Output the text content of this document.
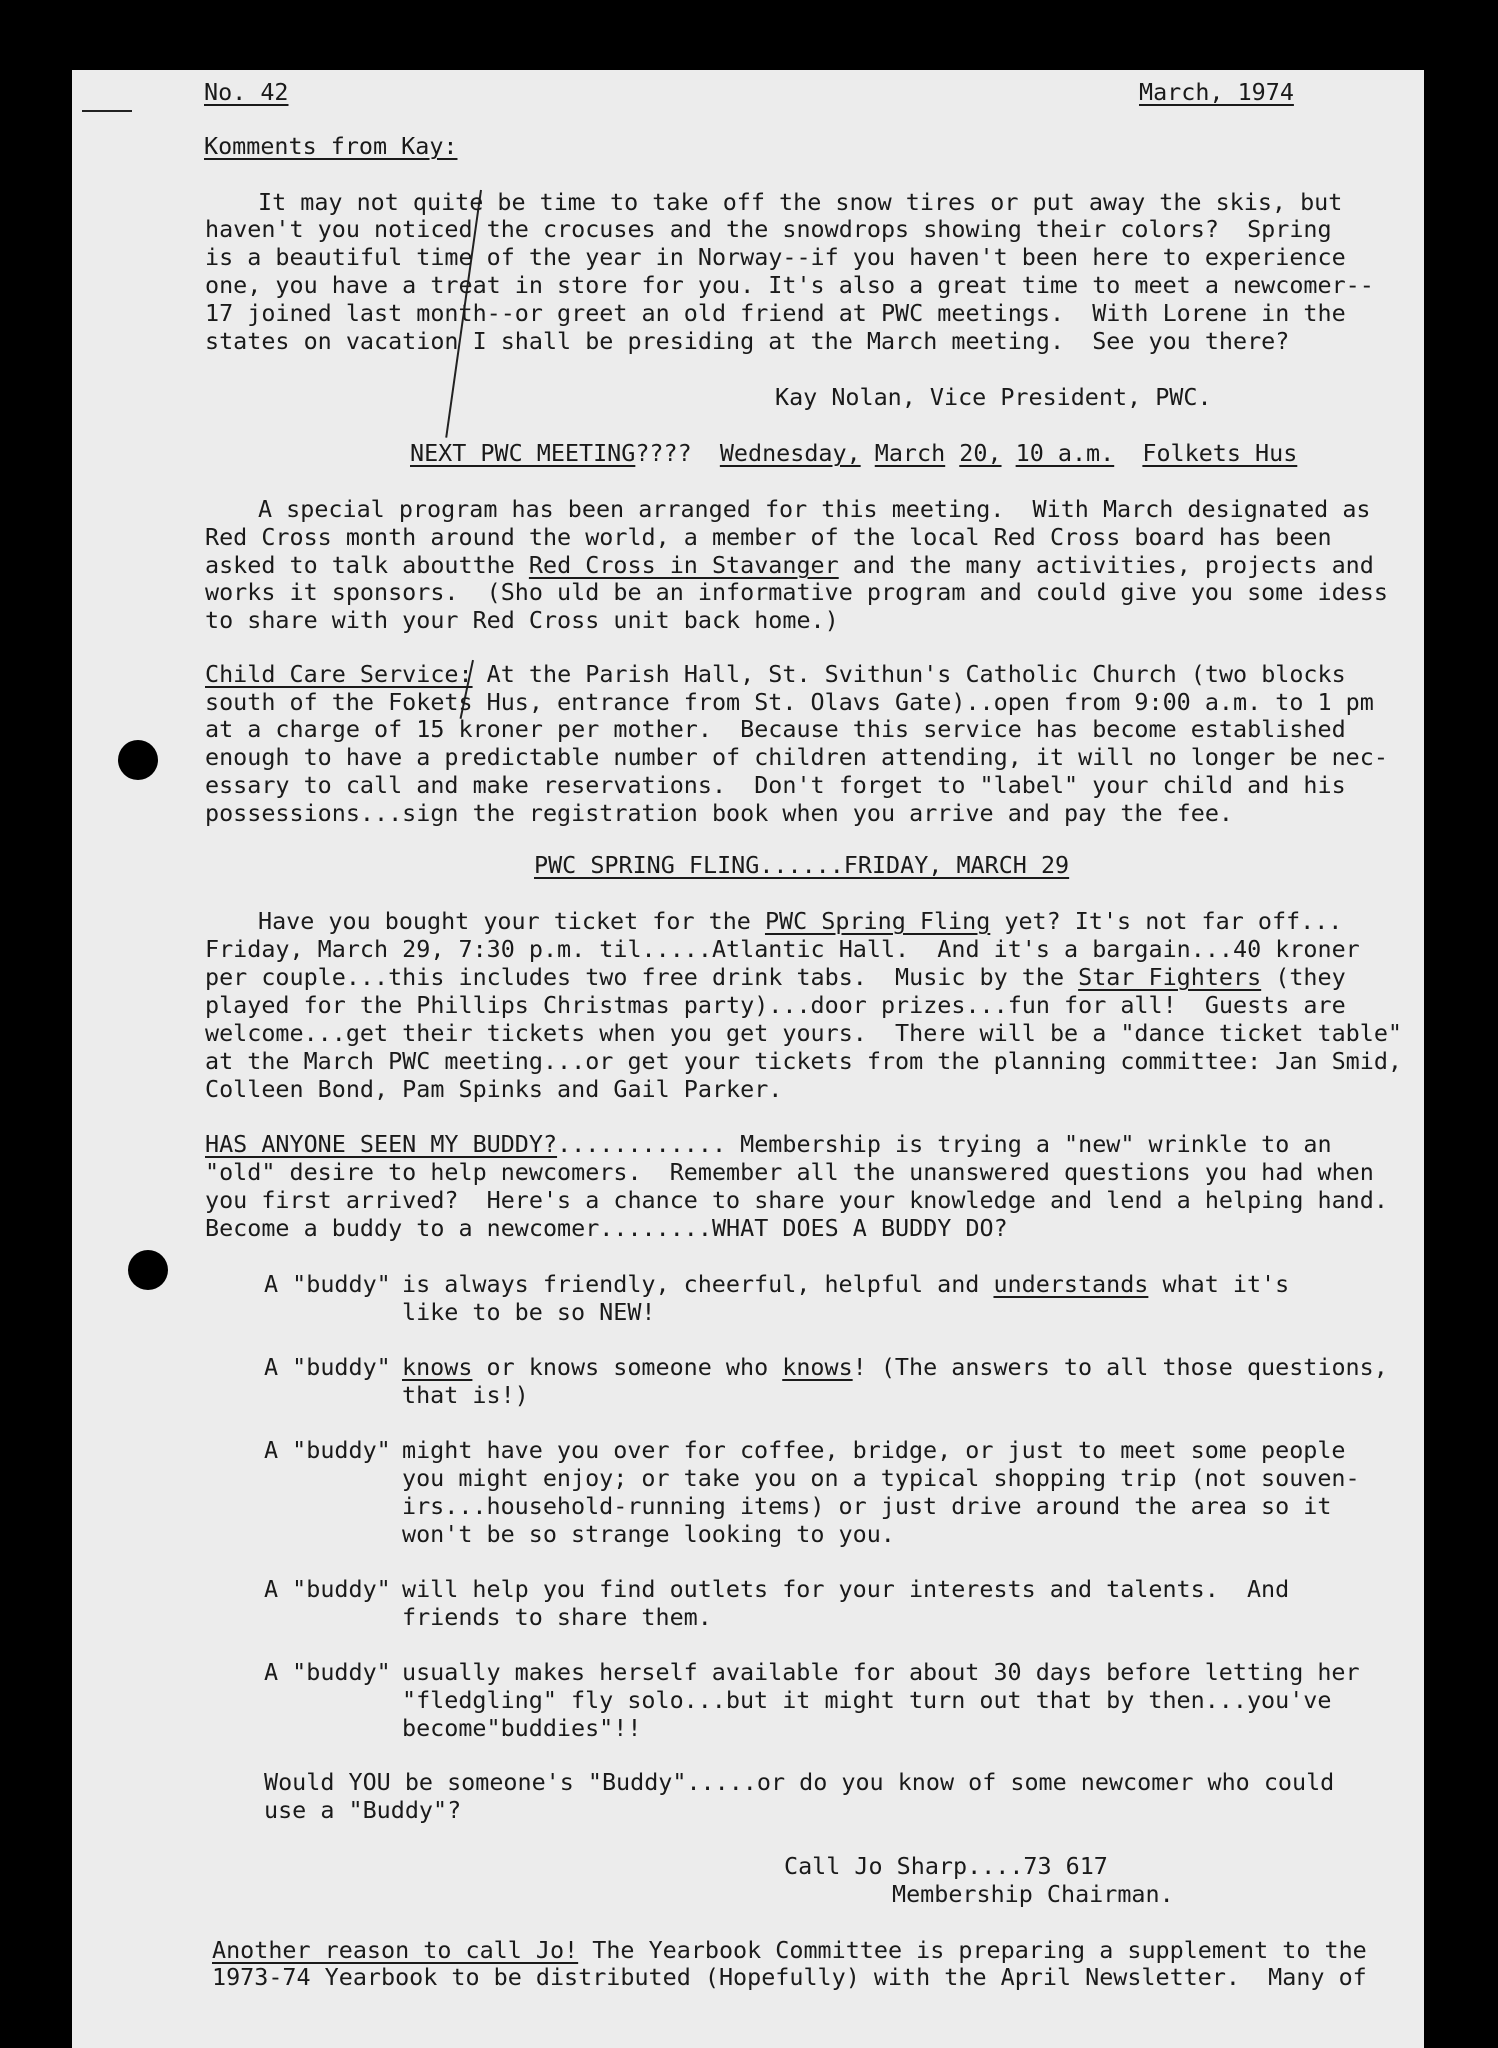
No. 42	March, 1974
Komments from Kay:
It may not quite be time to take off the snow tires or put away the skis, but
haven't you noticed the crocuses and the snowdrops showing their colors?  Spring
is a beautiful time of the year in Norway--if you haven't been here to experience
one, you have a treat in store for you. It's also a great time to meet a newcomer--
17 joined last month--or greet an old friend at PWC meetings.  With Lorene in the
states on vacation I shall be presiding at the March meeting.  See you there?
Kay Nolan, Vice President, PWC.
NEXT PWC MEETING???? Wednesday, March 20, 10 a.m. Folkets Hus
A special program has been arranged for this meeting.  With March designated as
Red Cross month around the world, a member of the local Red Cross board has been
asked to talk aboutthe Red Cross in Stavanger and the many activities, projects and
works it sponsors.  (Sho uld be an informative program and could give you some idess
to share with your Red Cross unit back home.)
Child Care Service: At the Parish Hall, St. Svithun's Catholic Church (two blocks
south of the Fokets Hus, entrance from St. Olavs Gate)..open from 9:00 a.m. to 1 pm
at a charge of 15 kroner per mother.  Because this service has become established
enough to have a predictable number of children attending, it will no longer be nec-
essary to call and make reservations.  Don't forget to "label" your child and his
possessions...sign the registration book when you arrive and pay the fee.
PWC SPRING FLING......FRIDAY, MARCH 29
Have you bought your ticket for the PWC Spring Fling yet? It's not far off...
Friday, March 29, 7:30 p.m. til.....Atlantic Hall.  And it's a bargain...40 kroner
per couple...this includes two free drink tabs.  Music by the Star Fighters (they
played for the Phillips Christmas party)...door prizes...fun for all!  Guests are
welcome...get their tickets when you get yours.  There will be a "dance ticket table"
at the March PWC meeting...or get your tickets from the planning committee: Jan Smid,
Colleen Bond, Pam Spinks and Gail Parker.
HAS ANYONE SEEN MY BUDDY?............ Membership is trying a "new" wrinkle to an
"old" desire to help newcomers.  Remember all the unanswered questions you had when
you first arrived?  Here's a chance to share your knowledge and lend a helping hand.
Become a buddy to a newcomer........WHAT DOES A BUDDY DO?
A "buddy" is always friendly, cheerful, helpful and understands what it's
like to be so NEW!
A "buddy" knows or knows someone who knows! (The answers to all those questions,
that is!)
A "buddy" might have you over for coffee, bridge, or just to meet some people
you might enjoy; or take you on a typical shopping trip (not souven-
irs...household-running items) or just drive around the area so it
won't be so strange looking to you.
A "buddy" will help you find outlets for your interests and talents.  And
friends to share them.
A "buddy" usually makes herself available for about 30 days before letting her
"fledgling" fly solo...but it might turn out that by then...you've
become"buddies"!!
Would YOU be someone's "Buddy".....or do you know of some newcomer who could
use a "Buddy"?
Call Jo Sharp....73 617
Membership Chairman.
Another reason to call Jo! The Yearbook Committee is preparing a supplement to the
1973-74 Yearbook to be distributed (Hopefully) with the April Newsletter.  Many of
